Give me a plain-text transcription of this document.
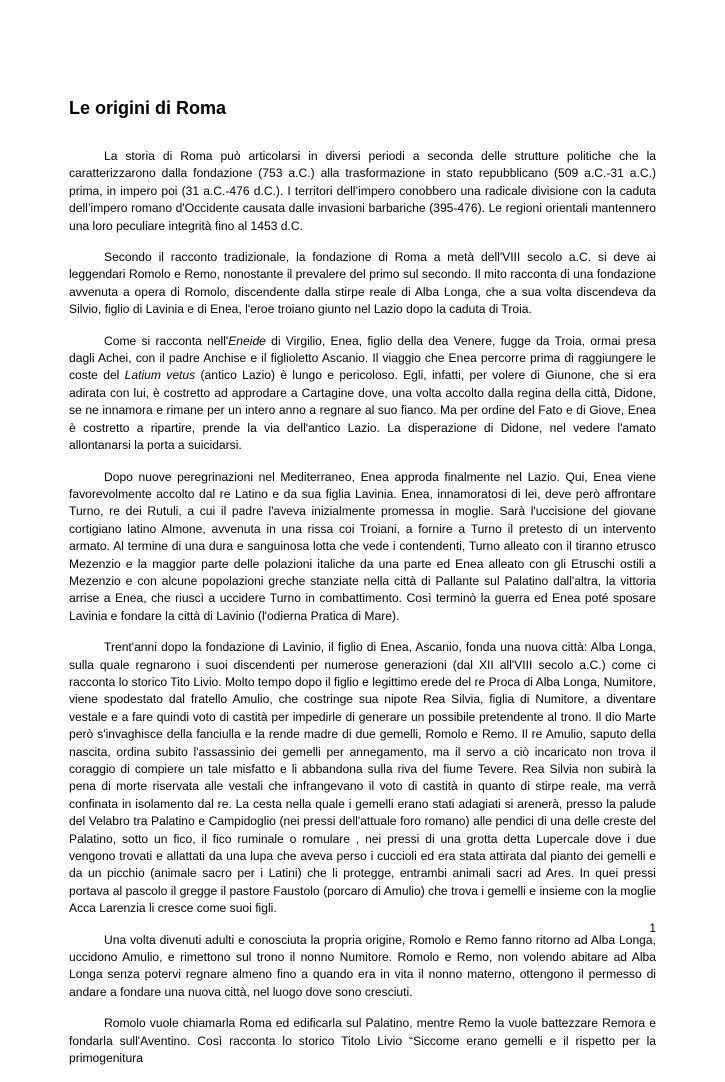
Le origini di Roma

La storia di Roma può articolarsi in diversi periodi a seconda delle strutture politiche che la caratterizzarono dalla fondazione (753 a.C.) alla trasformazione in stato repubblicano (509 a.C.-31 a.C.) prima, in impero poi (31 a.C.-476 d.C.). I territori dell’impero conobbero una radicale divisione con la caduta dell’impero romano d'Occidente causata dalle invasioni barbariche (395-476). Le regioni orientali mantennero una loro peculiare integrità fino al 1453 d.C.

Secondo il racconto tradizionale, la fondazione di Roma a metà dell'VIII secolo a.C. si deve ai leggendari Romolo e Remo, nonostante il prevalere del primo sul secondo. Il mito racconta di una fondazione avvenuta a opera di Romolo, discendente dalla stirpe reale di Alba Longa, che a sua volta discendeva da Silvio, figlio di Lavinia e di Enea, l'eroe troiano giunto nel Lazio dopo la caduta di Troia.

Come si racconta nell'Eneide di Virgilio, Enea, figlio della dea Venere, fugge da Troia, ormai presa dagli Achei, con il padre Anchise e il figlioletto Ascanio. Il viaggio che Enea percorre prima di raggiungere le coste del Latium vetus (antico Lazio) è lungo e pericoloso. Egli, infatti, per volere di Giunone, che si era adirata con lui, è costretto ad approdare a Cartagine dove, una volta accolto dalla regina della città, Didone, se ne innamora e rimane per un intero anno a regnare al suo fianco. Ma per ordine del Fato e di Giove, Enea è costretto a ripartire, prende la via dell'antico Lazio. La disperazione di Didone, nel vedere l'amato allontanarsi la porta a suicidarsi.

Dopo nuove peregrinazioni nel Mediterraneo, Enea approda finalmente nel Lazio. Qui, Enea viene favorevolmente accolto dal re Latino e da sua figlia Lavinia. Enea, innamoratosi di lei, deve però affrontare Turno, re dei Rutuli, a cui il padre l'aveva inizialmente promessa in moglie. Sarà l'uccisione del giovane cortigiano latino Almone, avvenuta in una rissa coi Troiani, a fornire a Turno il pretesto di un intervento armato. Al termine di una dura e sanguinosa lotta che vede i contendenti, Turno alleato con il tiranno etrusco Mezenzio e la maggior parte delle polazioni italiche da una parte ed Enea alleato con gli Etruschi ostili a Mezenzio e con alcune popolazioni greche stanziate nella città di Pallante sul Palatino dall'altra, la vittoria arrise a Enea, che riuscì a uccidere Turno in combattimento. Così terminò la guerra ed Enea poté sposare Lavinia e fondare la città di Lavinio (l'odierna Pratica di Mare).

Trent'anni dopo la fondazione di Lavinio, il figlio di Enea, Ascanio, fonda una nuova città: Alba Longa, sulla quale regnarono i suoi discendenti per numerose generazioni (dal XII all'VIII secolo a.C.) come ci racconta lo storico Tito Livio. Molto tempo dopo il figlio e legittimo erede del re Proca di Alba Longa, Numitore, viene spodestato dal fratello Amulio, che costringe sua nipote Rea Silvia, figlia di Numitore, a diventare vestale e a fare quindi voto di castità per impedirle di generare un possibile pretendente al trono. Il dio Marte però s'invaghisce della fanciulla e la rende madre di due gemelli, Romolo e Remo. Il re Amulio, saputo della nascita, ordina subito l'assassinio dei gemelli per annegamento, ma il servo a ciò incaricato non trova il coraggio di compiere un tale misfatto e li abbandona sulla riva del fiume Tevere. Rea Silvia non subirà la pena di morte riservata alle vestali che infrangevano il voto di castità in quanto di stirpe reale, ma verrà confinata in isolamento dal re. La cesta nella quale i gemelli erano stati adagiati si arenerà, presso la palude del Velabro tra Palatino e Campidoglio (nei pressi dell'attuale foro romano) alle pendici di una delle creste del Palatino, sotto un fico, il fico ruminale o romulare , nei pressi di una grotta detta Lupercale dove i due vengono trovati e allattati da una lupa che aveva perso i cuccioli ed era stata attirata dal pianto dei gemelli e da un picchio (animale sacro per i Latini) che li protegge, entrambi animali sacri ad Ares. In quei pressi portava al pascolo il gregge il pastore Faustolo (porcaro di Amulio) che trova i gemelli e insieme con la moglie Acca Larenzia li cresce come suoi figli.

Una volta divenuti adulti e conosciuta la propria origine, Romolo e Remo fanno ritorno ad Alba Longa, uccidono Amulio, e rimettono sul trono il nonno Numitore. Romolo e Remo, non volendo abitare ad Alba Longa senza potervi regnare almeno fino a quando era in vita il nonno materno, ottengono il permesso di andare a fondare una nuova città, nel luogo dove sono cresciuti.

Romolo vuole chiamarla Roma ed edificarla sul Palatino, mentre Remo la vuole battezzare Remora e fondarla sull'Aventino. Così racconta lo storico Titolo Livio “Siccome erano gemelli e il rispetto per la primogenitura

1
